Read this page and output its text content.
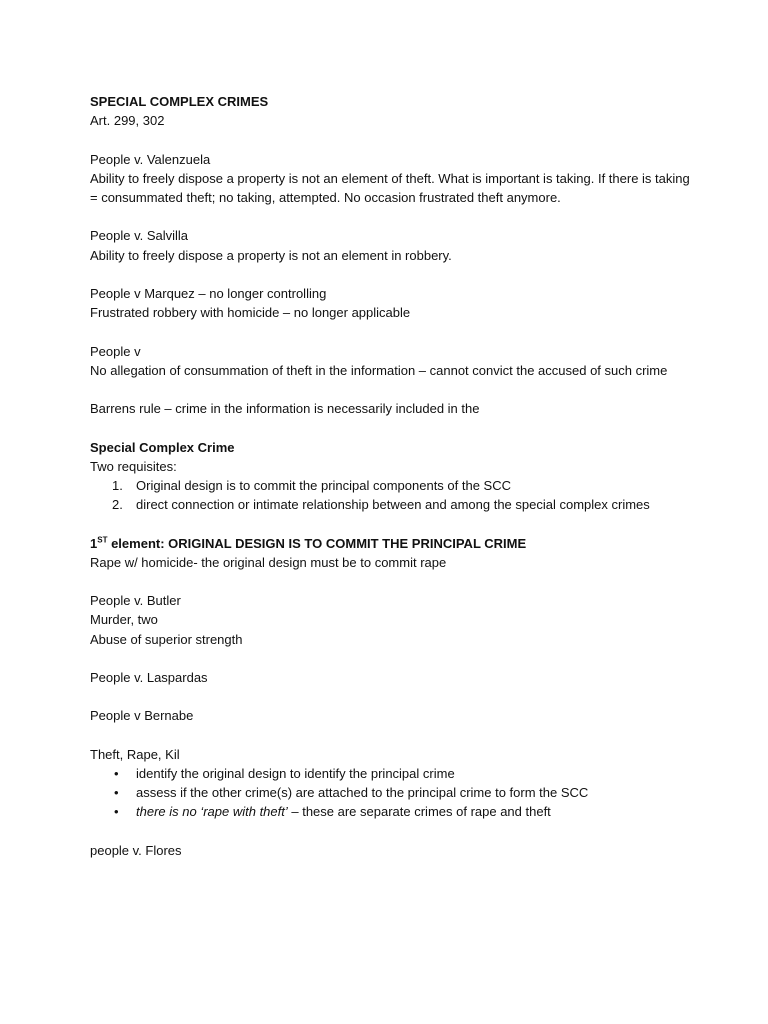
SPECIAL COMPLEX CRIMES
Art. 299, 302
People v. Valenzuela
Ability to freely dispose a property is not an element of theft. What is important is taking. If there is taking = consummated theft; no taking, attempted. No occasion frustrated theft anymore.
People v. Salvilla
Ability to freely dispose a property is not an element in robbery.
People v Marquez – no longer controlling
Frustrated robbery with homicide – no longer applicable
People v
No allegation of consummation of theft in the information – cannot convict the accused of such crime
Barrens rule – crime in the information is necessarily included in the
Special Complex Crime
Two requisites:
1. Original design is to commit the principal components of the SCC
2. direct connection or intimate relationship between and among the special complex crimes
1ST element: ORIGINAL DESIGN IS TO COMMIT THE PRINCIPAL CRIME
Rape w/ homicide- the original design must be to commit rape
People v. Butler
Murder, two
Abuse of superior strength
People v. Laspardas
People v Bernabe
Theft, Rape, Kil
• identify the original design to identify the principal crime
• assess if the other crime(s) are attached to the principal crime to form the SCC
• there is no ‘rape with theft’ – these are separate crimes of rape and theft
people v. Flores
